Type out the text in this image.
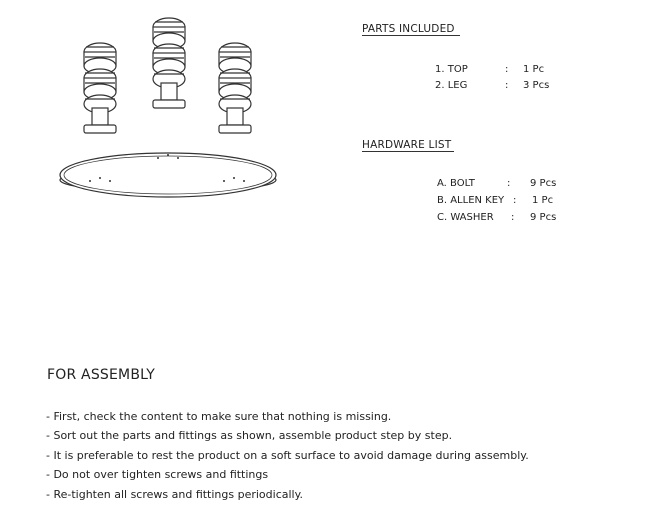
PARTS INCLUDED
1. TOP	: 1 Pc
2. LEG	: 3 Pcs
HARDWARE LIST
A. BOLT	: 9 Pcs
B. ALLEN KEY : 1 Pc
C. WASHER : 9 Pcs
FOR ASSEMBLY
- First, check the content to make sure that nothing is missing.
- Sort out the parts and fittings as shown, assemble product step by step.
- It is preferable to rest the product on a soft surface to avoid damage during assembly.
- Do not over tighten screws and fittings
- Re-tighten all screws and fittings periodically.
